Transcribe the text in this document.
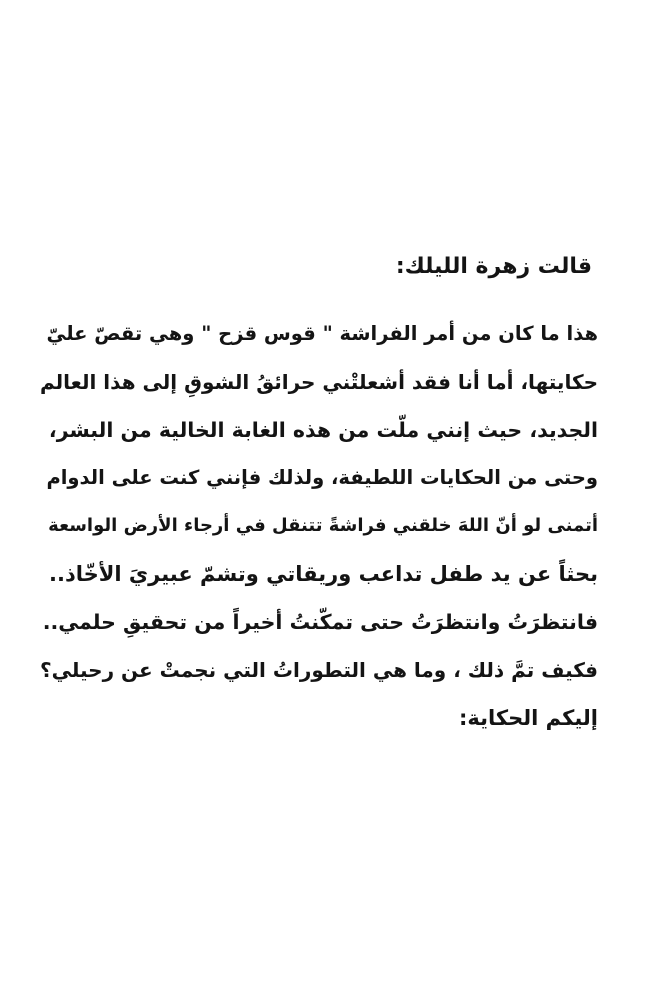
قالت زهرة الليلك:

هذا ما كان من أمر الفراشة " قوس قزح " وهي تقصّ عليّ
حكايتها، أما أنا فقد أشعلتْني حرائقُ الشوقِ إلى هذا العالم
الجديد، حيث إنني ملّت من هذه الغابة الخالية من البشر،
وحتى من الحكايات اللطيفة، ولذلك فإنني كنت على الدوام
أتمنى لو أنّ اللهَ خلقني فراشةً تتنقل في أرجاء الأرض الواسعة
بحثاً عن يد طفل تداعب وريقاتي وتشمّ عبيريَ الأخّاذ..
فانتظرَتُ وانتظرَتُ حتى تمكّنتُ أخيراً من تحقيقِ حلمي..
فكيف تمَّ ذلك ، وما هي التطوراتُ التي نجمتْ عن رحيلي؟
إليكم الحكاية:
